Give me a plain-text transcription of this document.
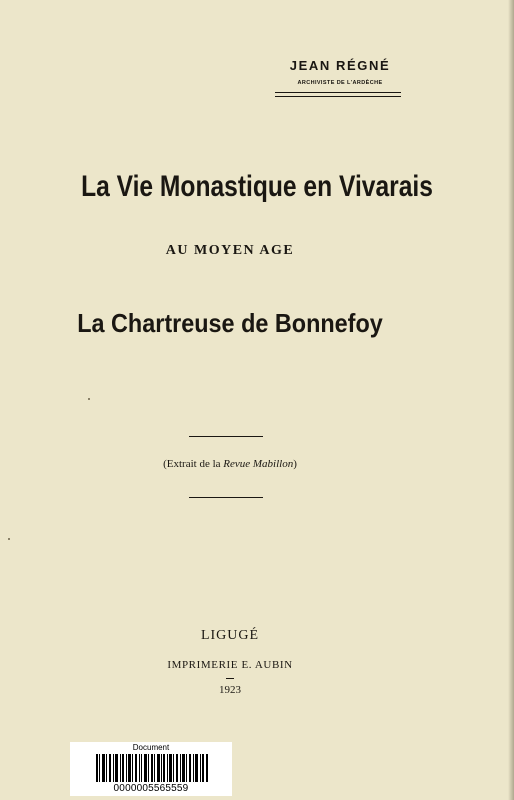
JEAN RÉGNÉ
ARCHIVISTE DE L'ARDÈCHE
La Vie Monastique en Vivarais
AU MOYEN AGE
La Chartreuse de Bonnefoy
(Extrait de la Revue Mabillon)
LIGUGÉ
IMPRIMERIE E. AUBIN
1923
Document
0000005565559
